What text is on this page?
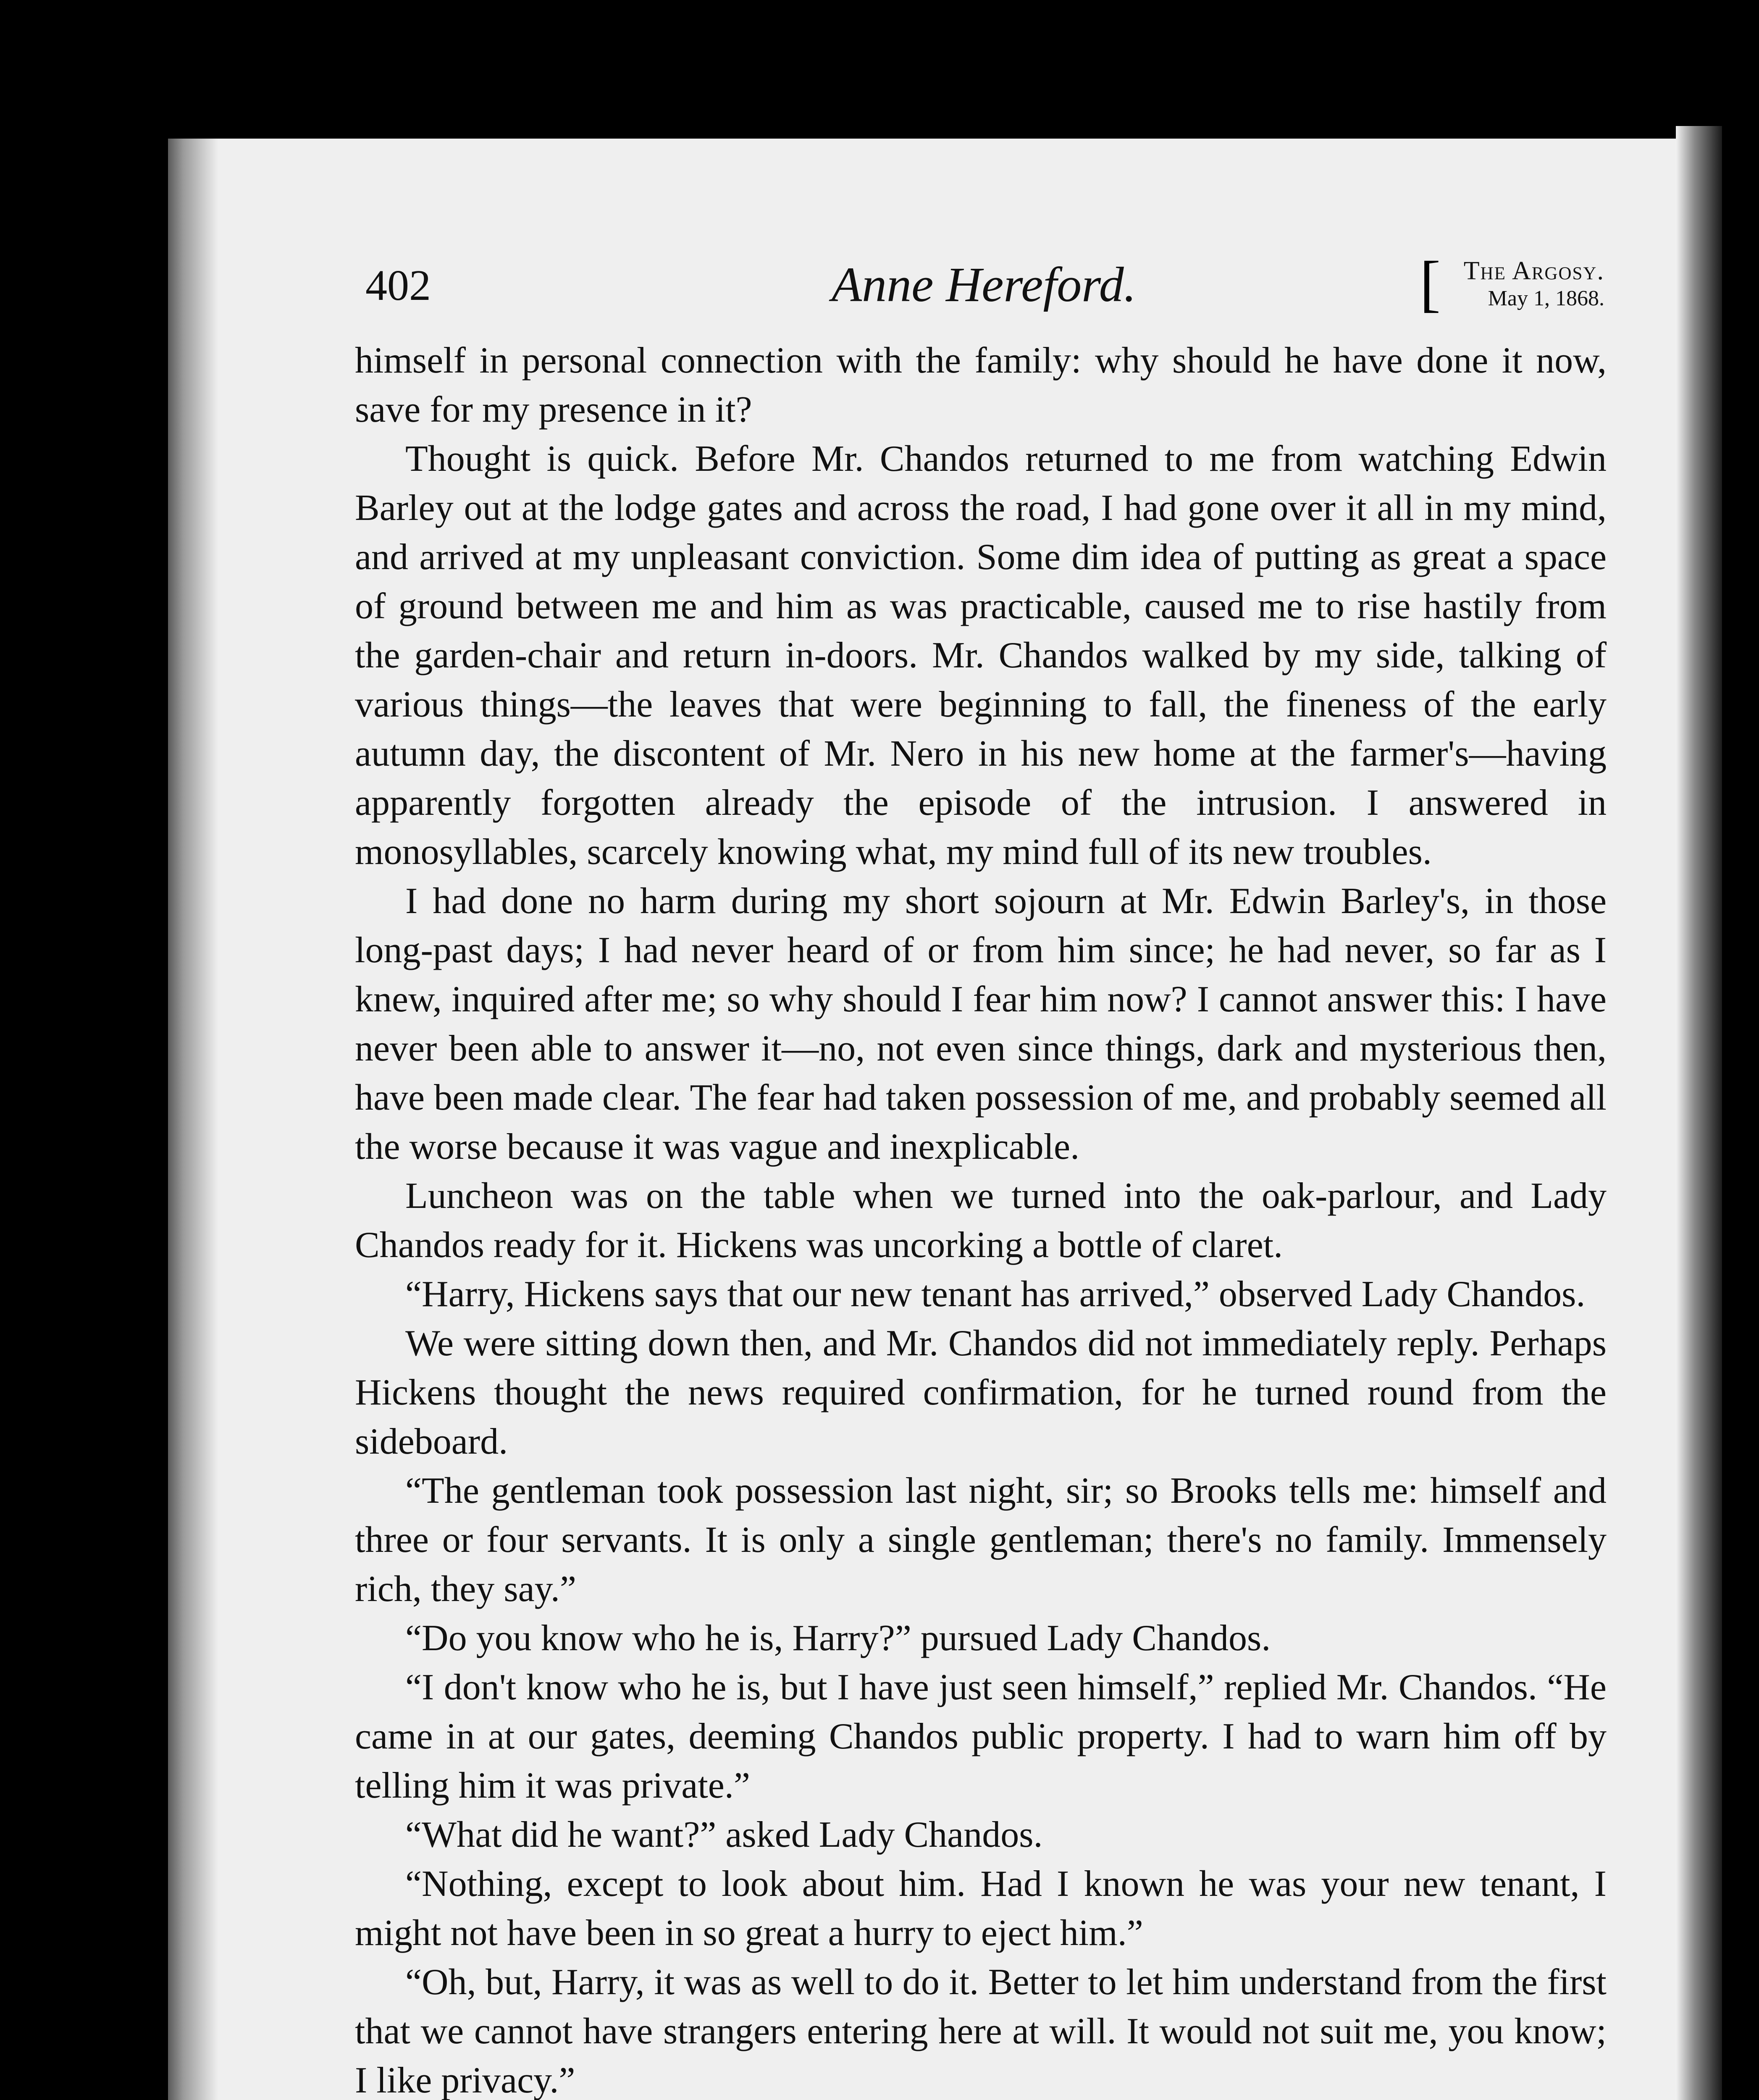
402	Anne Hereford.	[ The Argosy.
May 1, 1868.

himself in personal connection with the family: why should he have done it now, save for my presence in it?

Thought is quick. Before Mr. Chandos returned to me from watching Edwin Barley out at the lodge gates and across the road, I had gone over it all in my mind, and arrived at my unpleasant conviction. Some dim idea of putting as great a space of ground between me and him as was practicable, caused me to rise hastily from the garden-chair and return in-doors. Mr. Chandos walked by my side, talking of various things—the leaves that were beginning to fall, the fineness of the early autumn day, the discontent of Mr. Nero in his new home at the farmer's—having apparently forgotten already the episode of the intrusion. I answered in monosyllables, scarcely knowing what, my mind full of its new troubles.

I had done no harm during my short sojourn at Mr. Edwin Barley's, in those long-past days; I had never heard of or from him since; he had never, so far as I knew, inquired after me; so why should I fear him now? I cannot answer this: I have never been able to answer it—no, not even since things, dark and mysterious then, have been made clear. The fear had taken possession of me, and probably seemed all the worse because it was vague and inexplicable.

Luncheon was on the table when we turned into the oak-parlour, and Lady Chandos ready for it. Hickens was uncorking a bottle of claret.

“Harry, Hickens says that our new tenant has arrived,” observed Lady Chandos.

We were sitting down then, and Mr. Chandos did not immediately reply. Perhaps Hickens thought the news required confirmation, for he turned round from the sideboard.

“The gentleman took possession last night, sir; so Brooks tells me: himself and three or four servants. It is only a single gentleman; there's no family. Immensely rich, they say.”

“Do you know who he is, Harry?” pursued Lady Chandos.

“I don't know who he is, but I have just seen himself,” replied Mr. Chandos. “He came in at our gates, deeming Chandos public property. I had to warn him off by telling him it was private.”

“What did he want?” asked Lady Chandos.

“Nothing, except to look about him. Had I known he was your new tenant, I might not have been in so great a hurry to eject him.”

“Oh, but, Harry, it was as well to do it. Better to let him understand from the first that we cannot have strangers entering here at will. It would not suit me, you know; I like privacy.”
